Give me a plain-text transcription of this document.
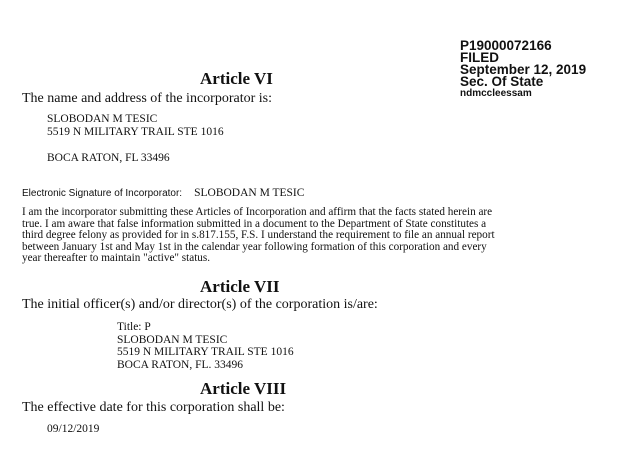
P19000072166
FILED
September 12, 2019
Sec. Of State
ndmccleessam
Article VI
The name and address of the incorporator is:
SLOBODAN M TESIC
5519 N MILITARY TRAIL STE 1016
BOCA RATON, FL 33496
Electronic Signature of Incorporator: SLOBODAN M TESIC
I am the incorporator submitting these Articles of Incorporation and affirm that the facts stated herein are
true. I am aware that false information submitted in a document to the Department of State constitutes a
third degree felony as provided for in s.817.155, F.S. I understand the requirement to file an annual report
between January 1st and May 1st in the calendar year following formation of this corporation and every
year thereafter to maintain "active" status.
Article VII
The initial officer(s) and/or director(s) of the corporation is/are:
Title: P
SLOBODAN M TESIC
5519 N MILITARY TRAIL STE 1016
BOCA RATON, FL. 33496
Article VIII
The effective date for this corporation shall be:
09/12/2019
